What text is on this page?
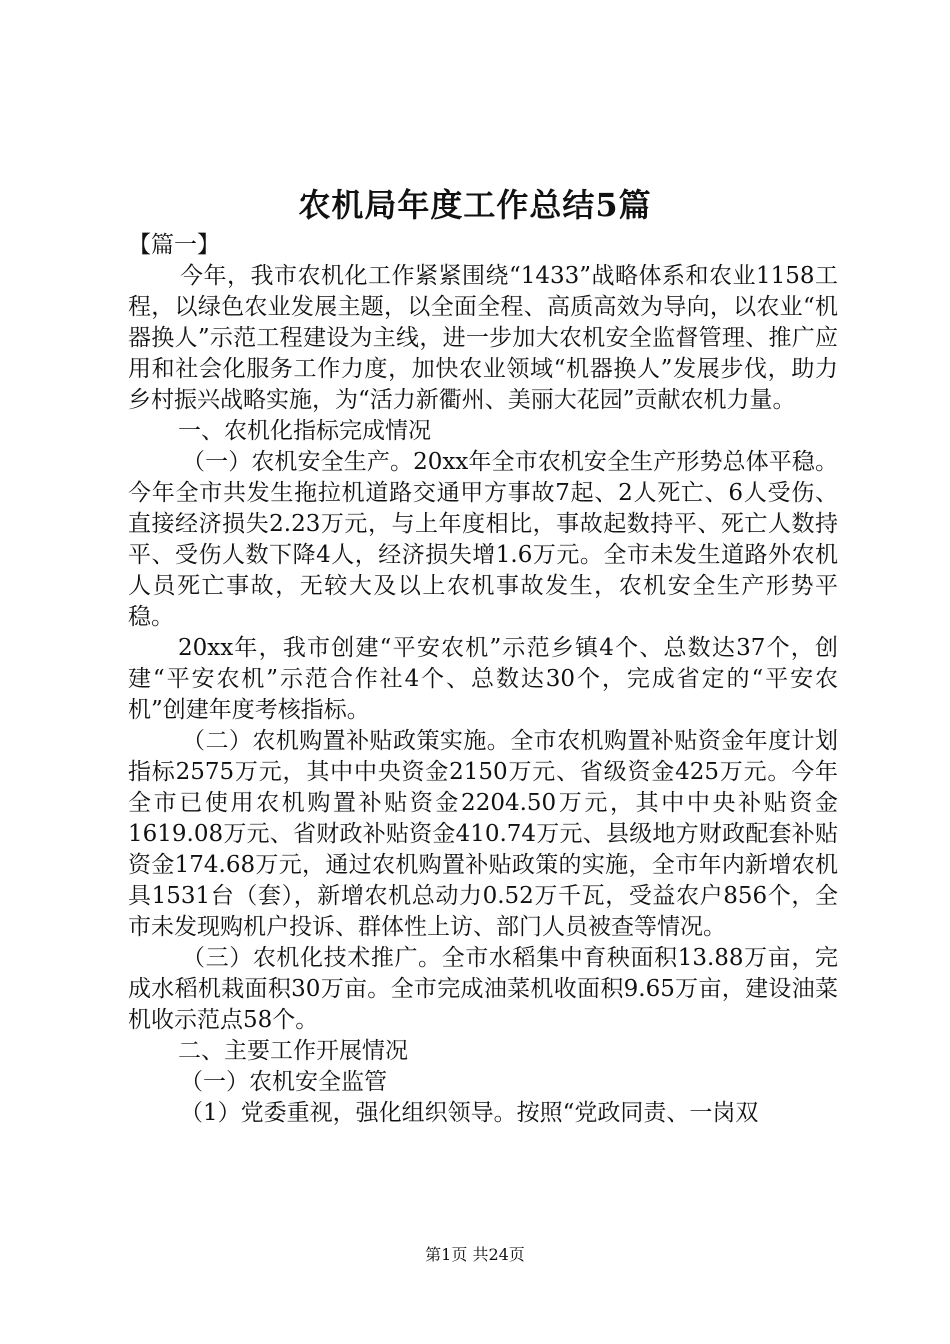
农机局年度工作总结5篇

【篇一】

今年，我市农机化工作紧紧围绕“1433”战略体系和农业1158工程，以绿色农业发展主题，以全面全程、高质高效为导向，以农业“机器换人”示范工程建设为主线，进一步加大农机安全监督管理、推广应用和社会化服务工作力度，加快农业领域“机器换人”发展步伐，助力乡村振兴战略实施，为“活力新衢州、美丽大花园”贡献农机力量。

一、农机化指标完成情况

（一）农机安全生产。20xx年全市农机安全生产形势总体平稳。今年全市共发生拖拉机道路交通甲方事故7起、2人死亡、6人受伤、直接经济损失2.23万元，与上年度相比，事故起数持平、死亡人数持平、受伤人数下降4人，经济损失增1.6万元。全市未发生道路外农机人员死亡事故，无较大及以上农机事故发生，农机安全生产形势平稳。

20xx年，我市创建“平安农机”示范乡镇4个、总数达37个，创建“平安农机”示范合作社4个、总数达30个，完成省定的“平安农机”创建年度考核指标。

（二）农机购置补贴政策实施。全市农机购置补贴资金年度计划指标2575万元，其中中央资金2150万元、省级资金425万元。今年全市已使用农机购置补贴资金2204.50万元，其中中央补贴资金1619.08万元、省财政补贴资金410.74万元、县级地方财政配套补贴资金174.68万元，通过农机购置补贴政策的实施，全市年内新增农机具1531台（套），新增农机总动力0.52万千瓦，受益农户856个，全市未发现购机户投诉、群体性上访、部门人员被查等情况。

（三）农机化技术推广。全市水稻集中育秧面积13.88万亩，完成水稻机栽面积30万亩。全市完成油菜机收面积9.65万亩，建设油菜机收示范点58个。

二、主要工作开展情况

（一）农机安全监管

（1）党委重视，强化组织领导。按照“党政同责、一岗双

第1页 共24页
